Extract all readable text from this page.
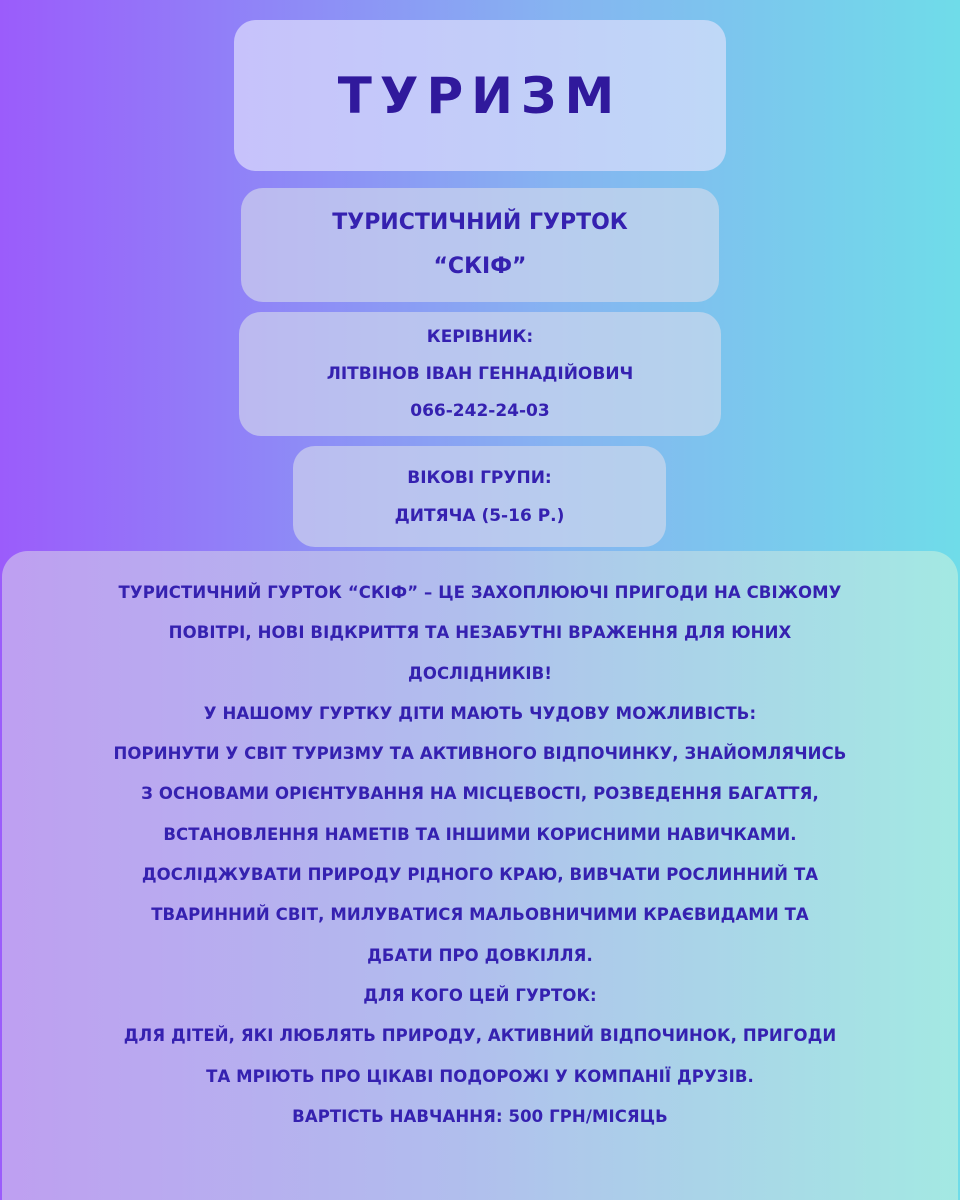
ТУРИЗМ
ТУРИСТИЧНИЙ ГУРТОК
“СКІФ”
КЕРІВНИК:
ЛІТВІНОВ ІВАН ГЕННАДІЙОВИЧ
066-242-24-03
ВІКОВІ ГРУПИ:
ДИТЯЧА (5-16 Р.)
ТУРИСТИЧНИЙ ГУРТОК “СКІФ” – ЦЕ ЗАХОПЛЮЮЧІ ПРИГОДИ НА СВІЖОМУ
ПОВІТРІ, НОВІ ВІДКРИТТЯ ТА НЕЗАБУТНІ ВРАЖЕННЯ ДЛЯ ЮНИХ
ДОСЛІДНИКІВ!
У НАШОМУ ГУРТКУ ДІТИ МАЮТЬ ЧУДОВУ МОЖЛИВІСТЬ:
ПОРИНУТИ У СВІТ ТУРИЗМУ ТА АКТИВНОГО ВІДПОЧИНКУ, ЗНАЙОМЛЯЧИСЬ
З ОСНОВАМИ ОРІЄНТУВАННЯ НА МІСЦЕВОСТІ, РОЗВЕДЕННЯ БАГАТТЯ,
ВСТАНОВЛЕННЯ НАМЕТІВ ТА ІНШИМИ КОРИСНИМИ НАВИЧКАМИ.
ДОСЛІДЖУВАТИ ПРИРОДУ РІДНОГО КРАЮ, ВИВЧАТИ РОСЛИННИЙ ТА
ТВАРИННИЙ СВІТ, МИЛУВАТИСЯ МАЛЬОВНИЧИМИ КРАЄВИДАМИ ТА
ДБАТИ ПРО ДОВКІЛЛЯ.
ДЛЯ КОГО ЦЕЙ ГУРТОК:
ДЛЯ ДІТЕЙ, ЯКІ ЛЮБЛЯТЬ ПРИРОДУ, АКТИВНИЙ ВІДПОЧИНОК, ПРИГОДИ
ТА МРІЮТЬ ПРО ЦІКАВІ ПОДОРОЖІ У КОМПАНІЇ ДРУЗІВ.
ВАРТІСТЬ НАВЧАННЯ: 500 ГРН/МІСЯЦЬ
